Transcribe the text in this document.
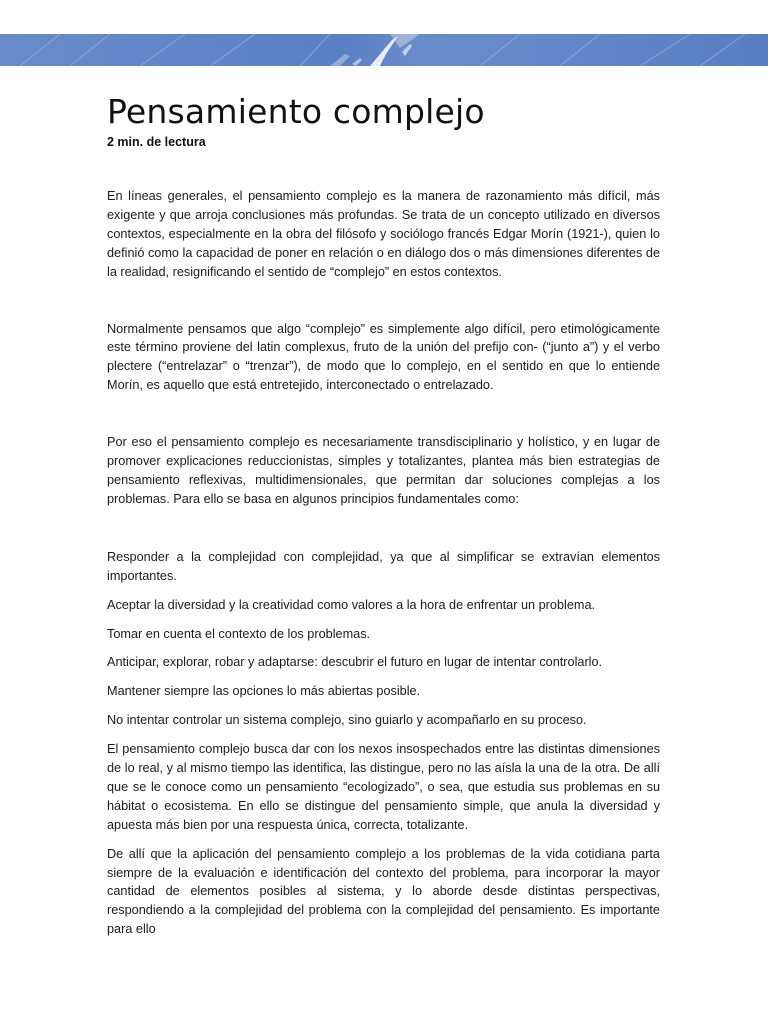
Pensamiento complejo
2 min. de lectura

En líneas generales, el pensamiento complejo es la manera de razonamiento más difícil, más exigente y que arroja conclusiones más profundas. Se trata de un concepto utilizado en diversos contextos, especialmente en la obra del filósofo y sociólogo francés Edgar Morín (1921-), quien lo definió como la capacidad de poner en relación o en diálogo dos o más dimensiones diferentes de la realidad, resignificando el sentido de “complejo” en estos contextos.

Normalmente pensamos que algo “complejo” es simplemente algo difícil, pero etimológicamente este término proviene del latin complexus, fruto de la unión del prefijo con- (“junto a”) y el verbo plectere (“entrelazar” o “trenzar”), de modo que lo complejo, en el sentido en que lo entiende Morín, es aquello que está entretejido, interconectado o entrelazado.

Por eso el pensamiento complejo es necesariamente transdisciplinario y holístico, y en lugar de promover explicaciones reduccionistas, simples y totalizantes, plantea más bien estrategias de pensamiento reflexivas, multidimensionales, que permitan dar soluciones complejas a los problemas. Para ello se basa en algunos principios fundamentales como:

Responder a la complejidad con complejidad, ya que al simplificar se extravían elementos importantes.

Aceptar la diversidad y la creatividad como valores a la hora de enfrentar un problema.

Tomar en cuenta el contexto de los problemas.

Anticipar, explorar, robar y adaptarse: descubrir el futuro en lugar de intentar controlarlo.

Mantener siempre las opciones lo más abiertas posible.

No intentar controlar un sistema complejo, sino guiarlo y acompañarlo en su proceso.

El pensamiento complejo busca dar con los nexos insospechados entre las distintas dimensiones de lo real, y al mismo tiempo las identifica, las distingue, pero no las aísla la una de la otra. De allí que se le conoce como un pensamiento “ecologizado”, o sea, que estudia sus problemas en su hábitat o ecosistema. En ello se distingue del pensamiento simple, que anula la diversidad y apuesta más bien por una respuesta única, correcta, totalizante.

De allí que la aplicación del pensamiento complejo a los problemas de la vida cotidiana parta siempre de la evaluación e identificación del contexto del problema, para incorporar la mayor cantidad de elementos posibles al sistema, y lo aborde desde distintas perspectivas, respondiendo a la complejidad del problema con la complejidad del pensamiento. Es importante para ello
